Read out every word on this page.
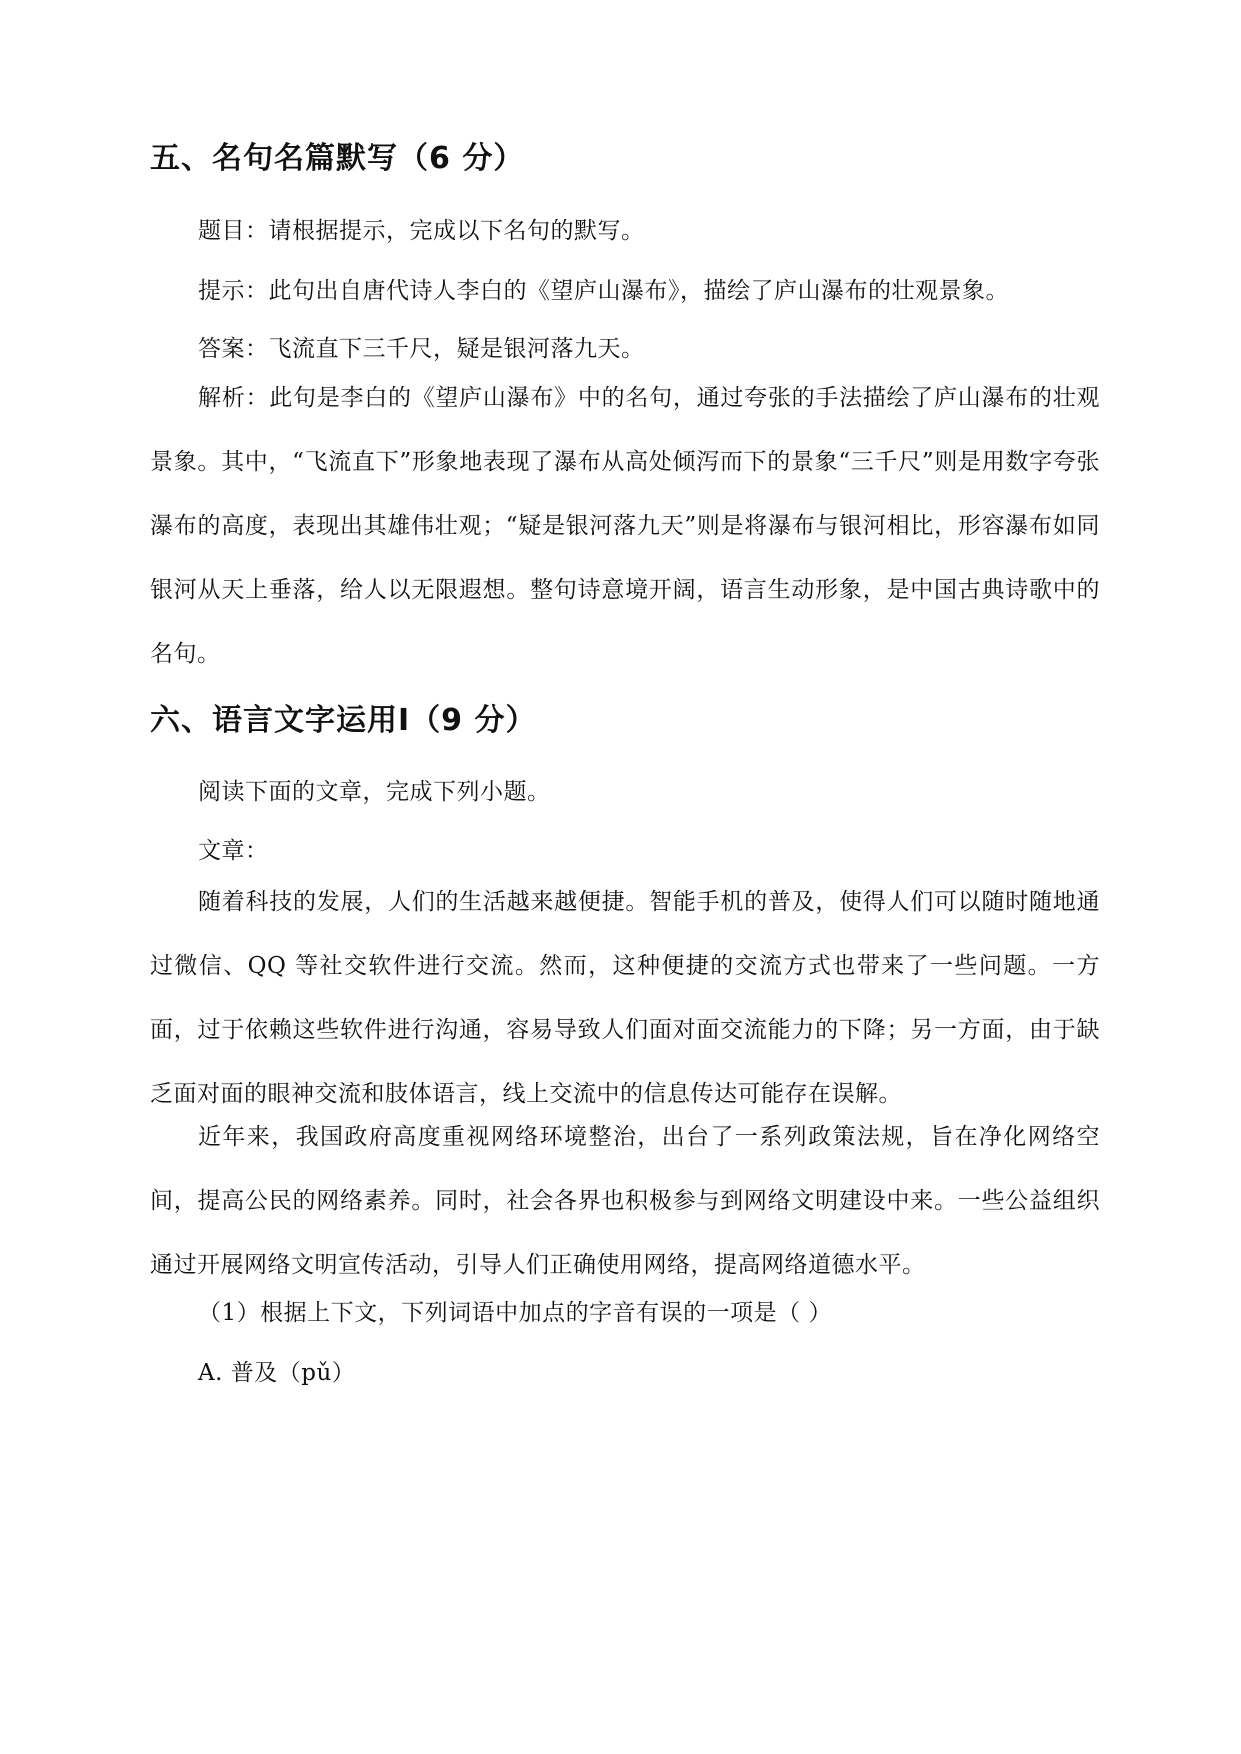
五、名句名篇默写（6 分）
题目：请根据提示，完成以下名句的默写。
提示：此句出自唐代诗人李白的《望庐山瀑布》，描绘了庐山瀑布的壮观景象。
答案：飞流直下三千尺，疑是银河落九天。

解析：此句是李白的《望庐山瀑布》中的名句，通过夸张的手法描绘了庐山瀑布的壮观景象。其中，“飞流直下”形象地表现了瀑布从高处倾泻而下的景象“三千尺”则是用数字夸张瀑布的高度，表现出其雄伟壮观；“疑是银河落九天”则是将瀑布与银河相比，形容瀑布如同银河从天上垂落，给人以无限遐想。整句诗意境开阔，语言生动形象，是中国古典诗歌中的名句。

六、语言文字运用Ⅰ（9 分）
阅读下面的文章，完成下列小题。
文章：

随着科技的发展，人们的生活越来越便捷。智能手机的普及，使得人们可以随时随地通过微信、QQ 等社交软件进行交流。然而，这种便捷的交流方式也带来了一些问题。一方面，过于依赖这些软件进行沟通，容易导致人们面对面交流能力的下降；另一方面，由于缺乏面对面的眼神交流和肢体语言，线上交流中的信息传达可能存在误解。

近年来，我国政府高度重视网络环境整治，出台了一系列政策法规，旨在净化网络空间，提高公民的网络素养。同时，社会各界也积极参与到网络文明建设中来。一些公益组织通过开展网络文明宣传活动，引导人们正确使用网络，提高网络道德水平。

（1）根据上下文，下列词语中加点的字音有误的一项是（ ）
A. 普及（pǔ）
